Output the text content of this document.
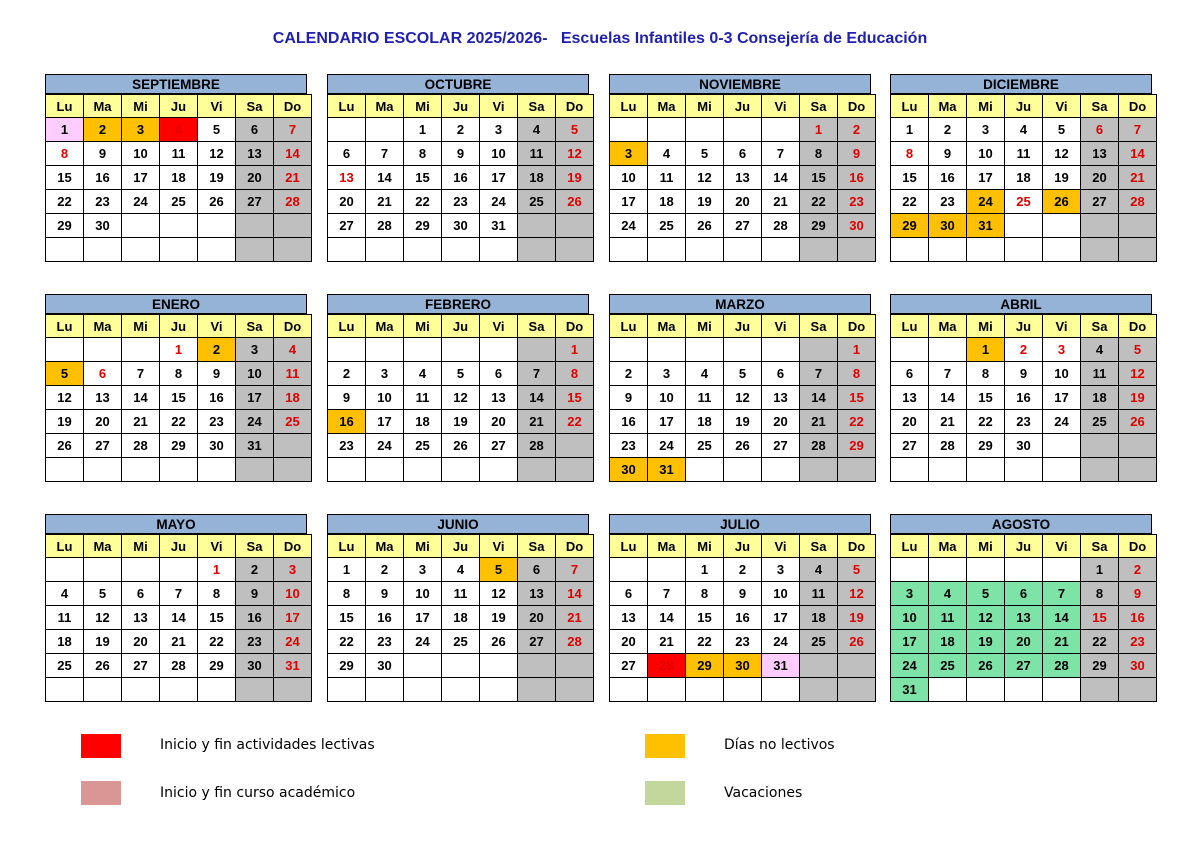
CALENDARIO ESCOLAR 2025/2026-   Escuelas Infantiles 0-3 Consejería de Educación
SEPTIEMBRE
Lu	Ma	Mi	Ju	Vi	Sa	Do
1	2	3	4	5	6	7
8	9	10	11	12	13	14
15	16	17	18	19	20	21
22	23	24	25	26	27	28
29	30					

OCTUBRE
Lu	Ma	Mi	Ju	Vi	Sa	Do
		1	2	3	4	5
6	7	8	9	10	11	12
13	14	15	16	17	18	19
20	21	22	23	24	25	26
27	28	29	30	31		

NOVIEMBRE
Lu	Ma	Mi	Ju	Vi	Sa	Do
					1	2
3	4	5	6	7	8	9
10	11	12	13	14	15	16
17	18	19	20	21	22	23
24	25	26	27	28	29	30

DICIEMBRE
Lu	Ma	Mi	Ju	Vi	Sa	Do
1	2	3	4	5	6	7
8	9	10	11	12	13	14
15	16	17	18	19	20	21
22	23	24	25	26	27	28
29	30	31				

ENERO
Lu	Ma	Mi	Ju	Vi	Sa	Do
			1	2	3	4
5	6	7	8	9	10	11
12	13	14	15	16	17	18
19	20	21	22	23	24	25
26	27	28	29	30	31	

FEBRERO
Lu	Ma	Mi	Ju	Vi	Sa	Do
						1
2	3	4	5	6	7	8
9	10	11	12	13	14	15
16	17	18	19	20	21	22
23	24	25	26	27	28	

MARZO
Lu	Ma	Mi	Ju	Vi	Sa	Do
						1
2	3	4	5	6	7	8
9	10	11	12	13	14	15
16	17	18	19	20	21	22
23	24	25	26	27	28	29
30	31					
ABRIL
Lu	Ma	Mi	Ju	Vi	Sa	Do
		1	2	3	4	5
6	7	8	9	10	11	12
13	14	15	16	17	18	19
20	21	22	23	24	25	26
27	28	29	30			

MAYO
Lu	Ma	Mi	Ju	Vi	Sa	Do
				1	2	3
4	5	6	7	8	9	10
11	12	13	14	15	16	17
18	19	20	21	22	23	24
25	26	27	28	29	30	31

JUNIO
Lu	Ma	Mi	Ju	Vi	Sa	Do
1	2	3	4	5	6	7
8	9	10	11	12	13	14
15	16	17	18	19	20	21
22	23	24	25	26	27	28
29	30					

JULIO
Lu	Ma	Mi	Ju	Vi	Sa	Do
		1	2	3	4	5
6	7	8	9	10	11	12
13	14	15	16	17	18	19
20	21	22	23	24	25	26
27	28	29	30	31		

AGOSTO
Lu	Ma	Mi	Ju	Vi	Sa	Do
					1	2
3	4	5	6	7	8	9
10	11	12	13	14	15	16
17	18	19	20	21	22	23
24	25	26	27	28	29	30
31						
Inicio y fin actividades lectivas
Inicio y fin curso académico
Días no lectivos
Vacaciones
